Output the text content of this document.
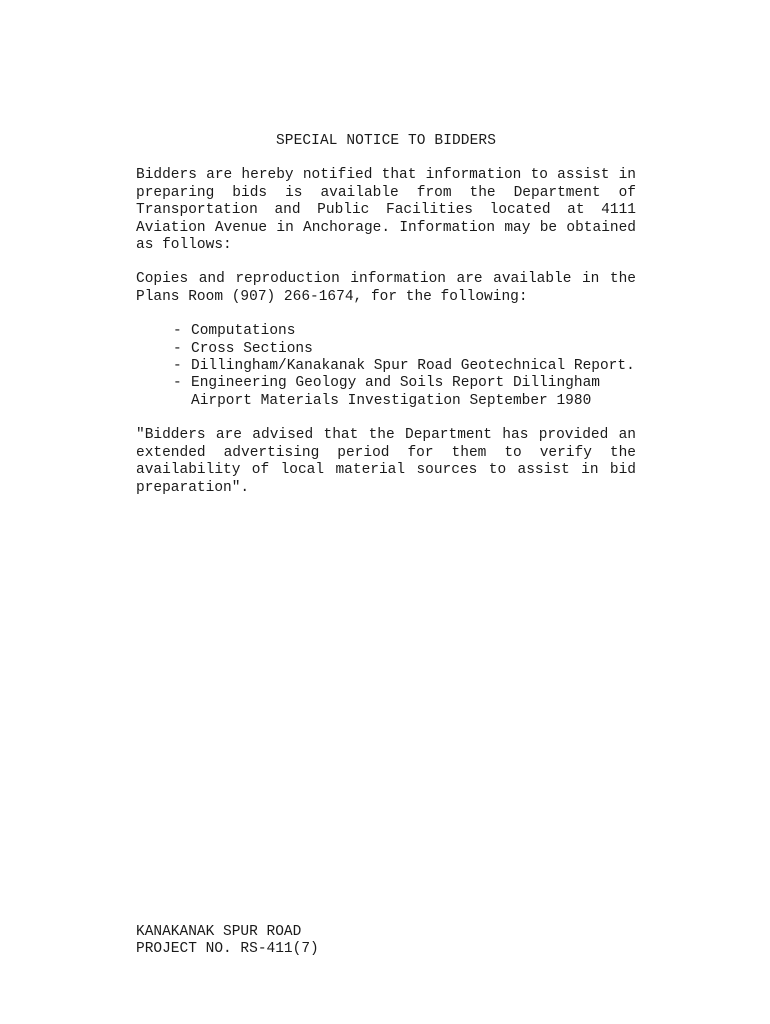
SPECIAL NOTICE TO BIDDERS

Bidders are hereby notified that information to assist in preparing bids is available from the Department of Transportation and Public Facilities located at 4111 Aviation Avenue in Anchorage. Information may be obtained as follows:

Copies and reproduction information are available in the Plans Room (907) 266-1674, for the following:

- Computations
- Cross Sections
- Dillingham/Kanakanak Spur Road Geotechnical Report.
- Engineering Geology and Soils Report Dillingham Airport Materials Investigation September 1980

"Bidders are advised that the Department has provided an extended advertising period for them to verify the availability of local material sources to assist in bid preparation".

KANAKANAK SPUR ROAD
PROJECT NO. RS-411(7)
